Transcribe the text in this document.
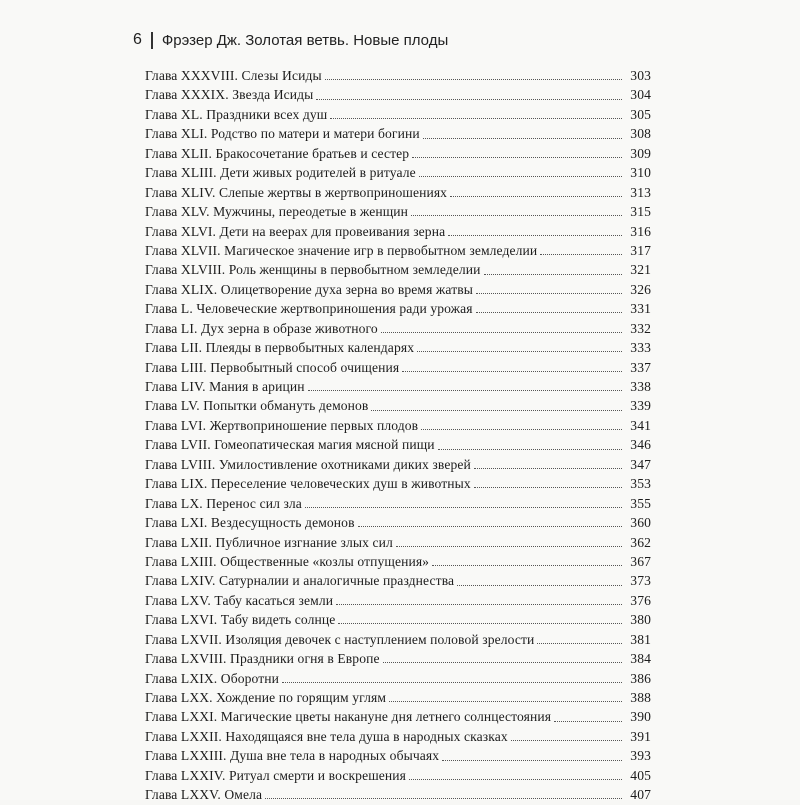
6 Фрэзер Дж. Золотая ветвь. Новые плоды
Глава XXXVIII. Слезы Исиды	303
Глава XXXIX. Звезда Исиды	304
Глава XL. Праздники всех душ	305
Глава XLI. Родство по матери и матери богини	308
Глава XLII. Бракосочетание братьев и сестер	309
Глава XLIII. Дети живых родителей в ритуале	310
Глава XLIV. Слепые жертвы в жертвоприношениях	313
Глава XLV. Мужчины, переодетые в женщин	315
Глава XLVI. Дети на веерах для провеивания зерна	316
Глава XLVII. Магическое значение игр в первобытном земледелии	317
Глава XLVIII. Роль женщины в первобытном земледелии	321
Глава XLIX. Олицетворение духа зерна во время жатвы	326
Глава L. Человеческие жертвоприношения ради урожая	331
Глава LI. Дух зерна в образе животного	332
Глава LII. Плеяды в первобытных календарях	333
Глава LIII. Первобытный способ очищения	337
Глава LIV. Мания в арицин	338
Глава LV. Попытки обмануть демонов	339
Глава LVI. Жертвоприношение первых плодов	341
Глава LVII. Гомеопатическая магия мясной пищи	346
Глава LVIII. Умилостивление охотниками диких зверей	347
Глава LIX. Переселение человеческих душ в животных	353
Глава LX. Перенос сил зла	355
Глава LXI. Вездесущность демонов	360
Глава LXII. Публичное изгнание злых сил	362
Глава LXIII. Общественные «козлы отпущения»	367
Глава LXIV. Сатурналии и аналогичные празднества	373
Глава LXV. Табу касаться земли	376
Глава LXVI. Табу видеть солнце	380
Глава LXVII. Изоляция девочек с наступлением половой зрелости	381
Глава LXVIII. Праздники огня в Европе	384
Глава LXIX. Оборотни	386
Глава LXX. Хождение по горящим углям	388
Глава LXXI. Магические цветы накануне дня летнего солнцестояния	390
Глава LXXII. Находящаяся вне тела душа в народных сказках	391
Глава LXXIII. Душа вне тела в народных обычаях	393
Глава LXXIV. Ритуал смерти и воскрешения	405
Глава LXXV. Омела	407
